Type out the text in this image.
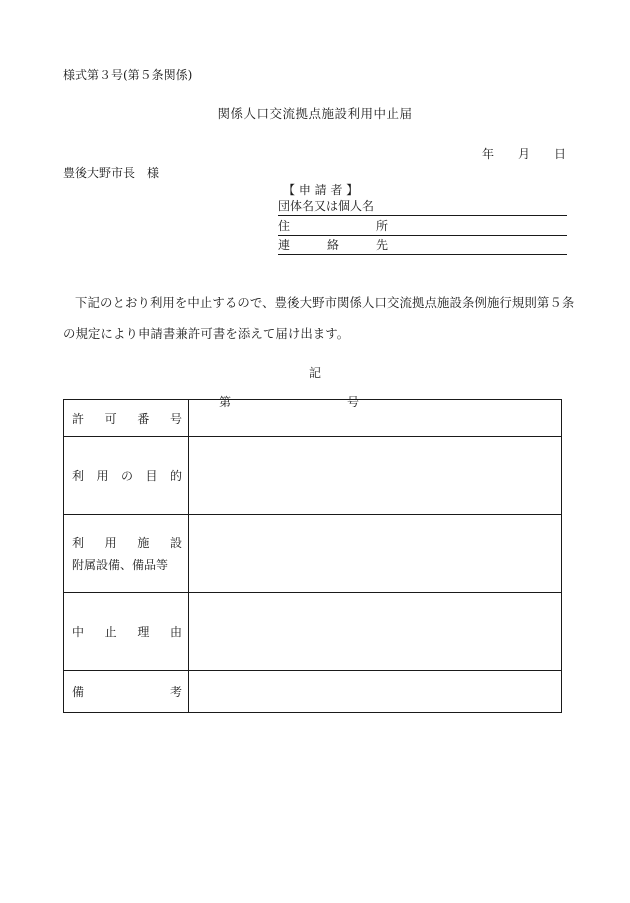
様式第３号(第５条関係)
関係人口交流拠点施設利用中止届
年 月 日
豊後大野市長　様
【 申 請 者 】
団体名又は個人名
住	所
連	絡	先
下記のとおり利用を中止するので、豊後大野市関係人口交流拠点施設条例施行規則第５条の規定により申請書兼許可書を添えて届け出ます。
記
許 可 番 号	第 号

利 用 の 目 的	

利 用 施 設
附属設備、備品等	

中 止 理 由	

備 考	
